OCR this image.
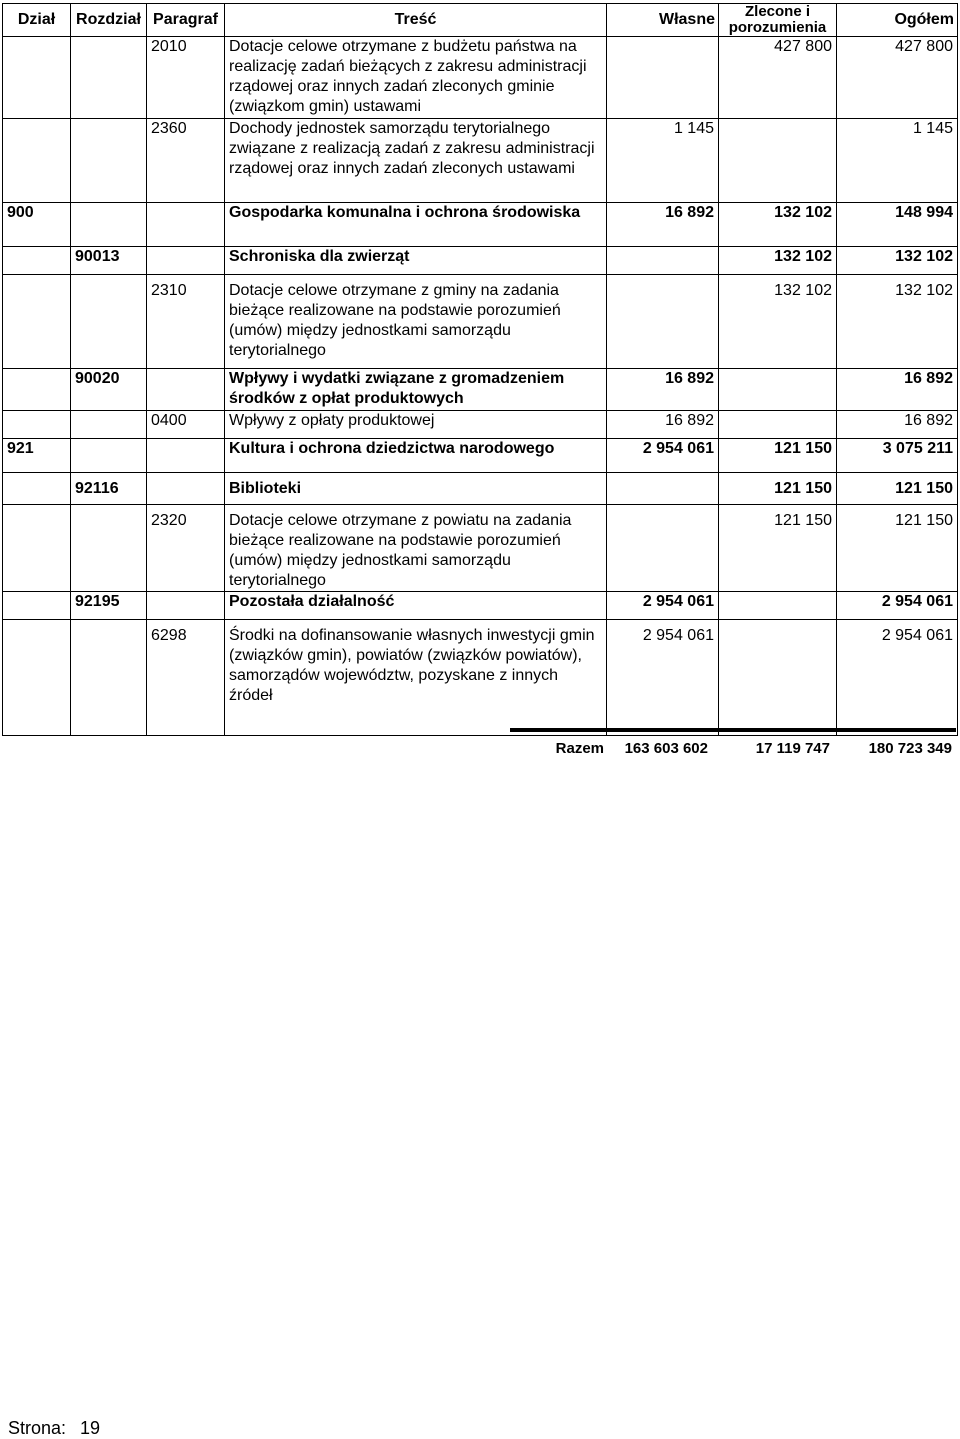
Dział	Rozdział	Paragraf	Treść	Własne	Zlecone i porozumienia	Ogółem
		2010	Dotacje celowe otrzymane z budżetu państwa na realizację zadań bieżących z zakresu administracji rządowej oraz innych zadań zleconych gminie (związkom gmin) ustawami		427 800	427 800
		2360	Dochody jednostek samorządu terytorialnego związane z realizacją zadań z zakresu administracji rządowej oraz innych zadań zleconych ustawami	1 145		1 145
900			Gospodarka komunalna i ochrona środowiska	16 892	132 102	148 994
	90013		Schroniska dla zwierząt		132 102	132 102
		2310	Dotacje celowe otrzymane z gminy na zadania bieżące realizowane na podstawie porozumień (umów) między jednostkami samorządu terytorialnego		132 102	132 102
	90020		Wpływy i wydatki związane z gromadzeniem środków z opłat produktowych	16 892		16 892
		0400	Wpływy z opłaty produktowej	16 892		16 892
921			Kultura i ochrona dziedzictwa narodowego	2 954 061	121 150	3 075 211
	92116		Biblioteki		121 150	121 150
		2320	Dotacje celowe otrzymane z powiatu na zadania bieżące realizowane na podstawie porozumień (umów) między jednostkami samorządu terytorialnego		121 150	121 150
	92195		Pozostała działalność	2 954 061		2 954 061
		6298	Środki na dofinansowanie własnych inwestycji gmin (związków gmin), powiatów (związków powiatów), samorządów województw, pozyskane z innych źródeł	2 954 061		2 954 061
Razem 163 603 602	17 119 747	180 723 349
Strona: 19
